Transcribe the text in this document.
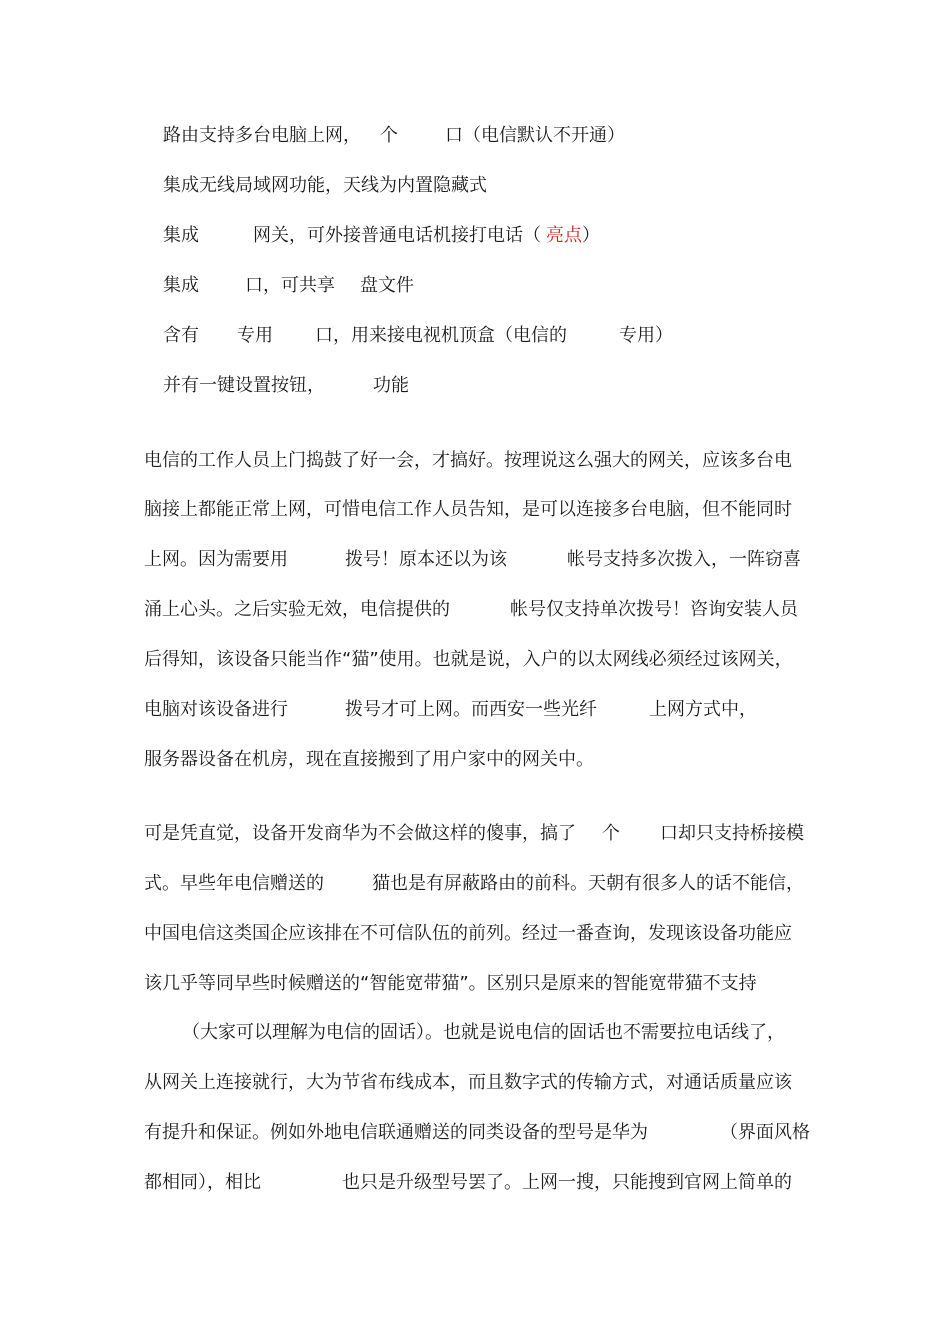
路由支持多台电脑上网， 个	口（电信默认不开通）
集成无线局域网功能，天线为内置隐藏式
集成	网关，可外接普通电话机接打电话（ 亮点 ）
集成	口，可共享 盘文件
含有 专用 口，用来接电视机顶盒（电信的	专用）
并有一键设置按钮，	功能
电信的工作人员上门捣鼓了好一会，才搞好。按理说这么强大的网关，应该多台电
脑接上都能正常上网，可惜电信工作人员告知，是可以连接多台电脑，但不能同时
上网。因为需要用	拨号！原本还以为该	帐号支持多次拨入，一阵窃喜
涌上心头。之后实验无效，电信提供的	帐号仅支持单次拨号！咨询安装人员
后得知，该设备只能当作“猫”使用。也就是说，入户的以太网线必须经过该网关，
电脑对该设备进行	拨号才可上网。而西安一些光纤	上网方式中，
服务器设备在机房，现在直接搬到了用户家中的网关中。
可是凭直觉，设备开发商华为不会做这样的傻事，搞了 个 口却只支持桥接模
式。早些年电信赠送的	猫也是有屏蔽路由的前科。天朝有很多人的话不能信，
中国电信这类国企应该排在不可信队伍的前列。经过一番查询，发现该设备功能应
该几乎等同早些时候赠送的“智能宽带猫”。区别只是原来的智能宽带猫不支持
（大家可以理解为电信的固话）。也就是说电信的固话也不需要拉电话线了，
从网关上连接就行，大为节省布线成本，而且数字式的传输方式，对通话质量应该
有提升和保证。例如外地电信联通赠送的同类设备的型号是华为	（界面风格
都相同），相比	也只是升级型号罢了。上网一搜，只能搜到官网上简单的
